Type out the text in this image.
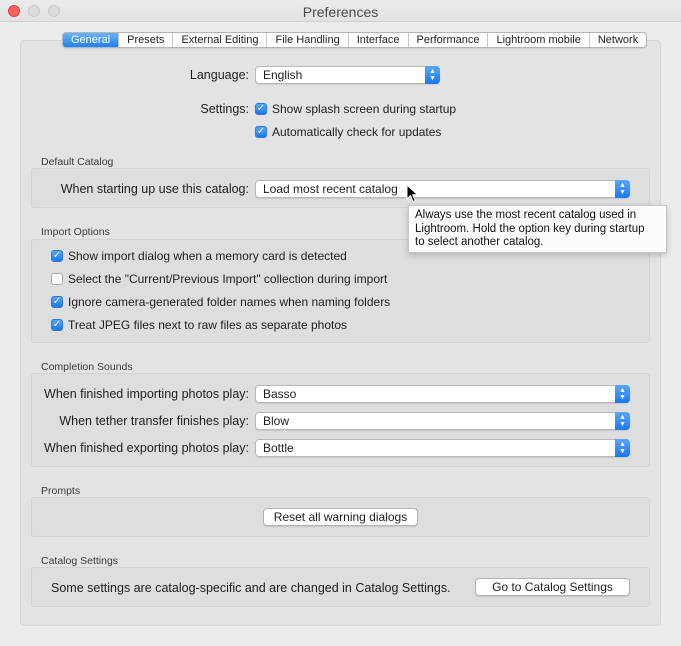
Preferences
General	Presets	External Editing	File Handling	Interface	Performance	Lightroom mobile	Network
Language:	English	▲
▼
Settings: ✓ Show splash screen during startup
✓ Automatically check for updates
Default Catalog
When starting up use this catalog:	Load most recent catalog	▲
▼
Import Options
✓ Show import dialog when a memory card is detected
Select the "Current/Previous Import" collection during import
✓ Ignore camera-generated folder names when naming folders
✓ Treat JPEG files next to raw files as separate photos
Completion Sounds
When finished importing photos play:	Basso	▲
▼
When tether transfer finishes play:	Blow	▲
▼
When finished exporting photos play:	Bottle	▲
▼
Prompts
Reset all warning dialogs
Catalog Settings
Some settings are catalog-specific and are changed in Catalog Settings.	Go to Catalog Settings
Always use the most recent catalog used in
Lightroom. Hold the option key during startup
to select another catalog.
